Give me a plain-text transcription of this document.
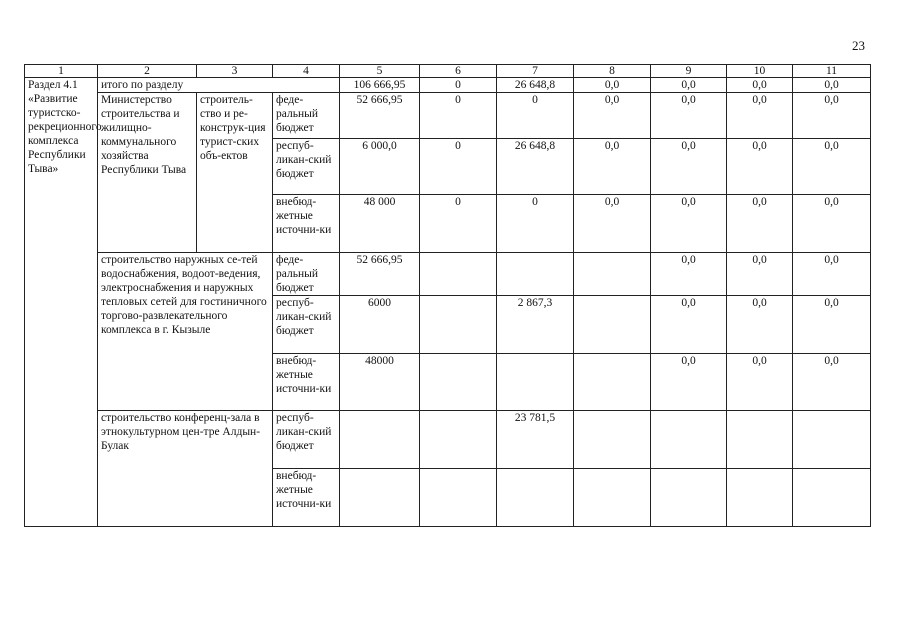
23
1	2	3	4	5	6	7	8	9	10	11

Раздел 4.1
«Развитие туристско-рекреционного комплекса Республики Тыва»	итого по разделу			106 666,95	0	26 648,8	0,0	0,0	0,0	0,0
	Министерство строительства и жилищно-коммунального хозяйства Республики Тыва	строитель-ство и ре-конструк-ция турист-ских объ-ектов	феде-ральный бюджет	52 666,95	0	0	0,0	0,0	0,0	0,0
			респуб-ликан-ский бюджет	6 000,0	0	26 648,8	0,0	0,0	0,0	0,0
			внебюд-жетные источни-ки	48 000	0	0	0,0	0,0	0,0	0,0
	строительство наружных се-тей водоснабжения, водоот-ведения, электроснабжения и наружных тепловых сетей для гостиничного торгово-развлекательного комплекса в г. Кызыле		феде-ральный бюджет	52 666,95				0,0	0,0	0,0
			респуб-ликан-ский бюджет	6000		2 867,3		0,0	0,0	0,0
			внебюд-жетные источни-ки	48000				0,0	0,0	0,0
	строительство конференц-зала в этнокультурном цен-тре Алдын-Булак		респуб-ликан-ский бюджет			23 781,5				
			внебюд-жетные источни-ки							
